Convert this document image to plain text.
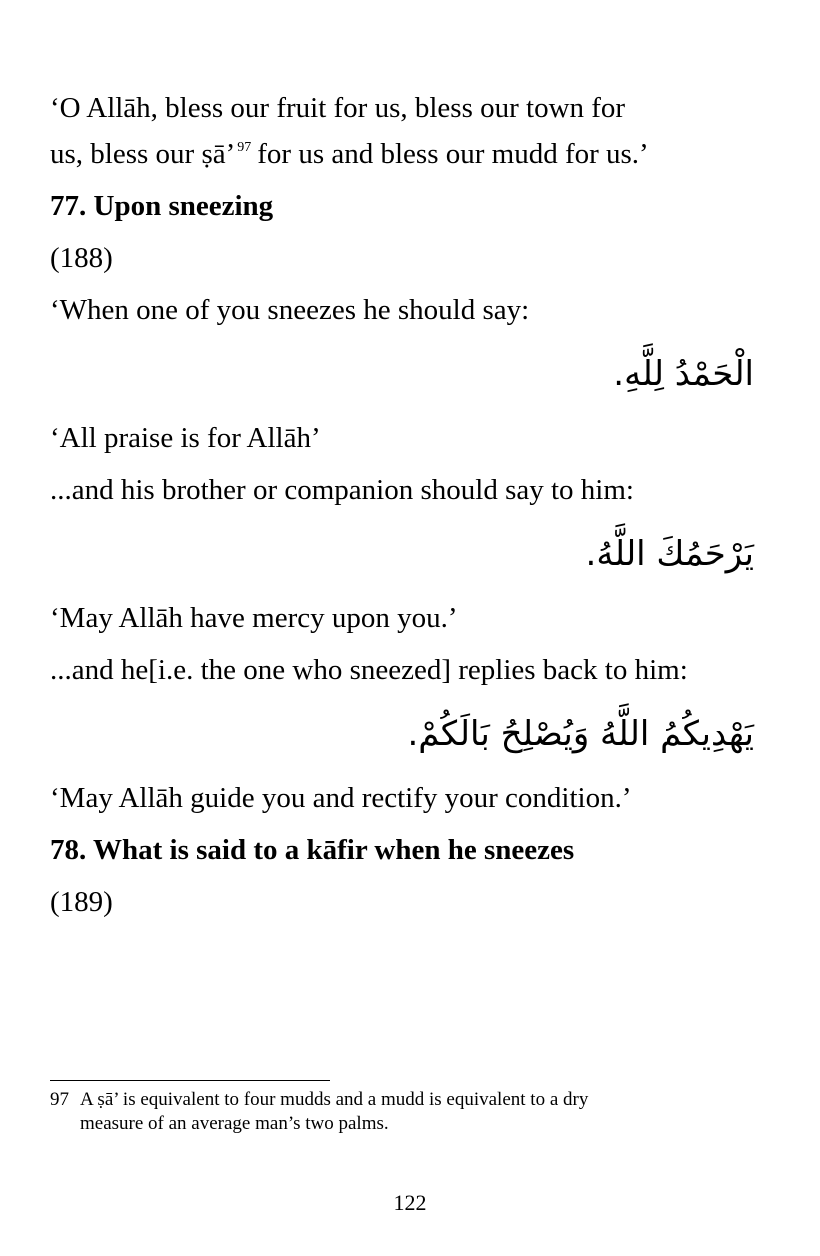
‘O Allāh, bless our fruit for us, bless our town for
us, bless our ṣā’ $^{97}$ for us and bless our mudd for us.’

77. Upon sneezing

(188)

‘When one of you sneezes he should say:

الْحَمْدُ لِلَّهِ.

‘All praise is for Allāh’

...and his brother or companion should say to him:

يَرْحَمُكَ اللَّهُ.

‘May Allāh have mercy upon you.’

...and he[i.e. the one who sneezed] replies back to him:

يَهْدِيكُمُ اللَّهُ وَيُصْلِحُ بَالَكُمْ.

‘May Allāh guide you and rectify your condition.’

78. What is said to a kāfir when he sneezes

(189)

97 A ṣā’ is equivalent to four mudds and a mudd is equivalent to a dry
measure of an average man’s two palms.
122
